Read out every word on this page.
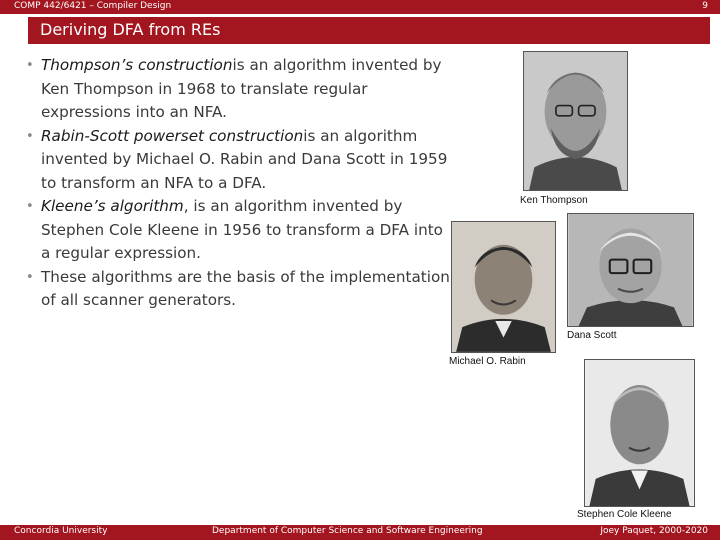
COMP 442/6421 – Compiler Design	9
Deriving DFA from REs
• Thompson’s constructionis an algorithm invented by Ken Thompson in 1968 to translate regular expressions into an NFA.
• Rabin-Scott powerset constructionis an algorithm invented by Michael O. Rabin and Dana Scott in 1959 to transform an NFA to a DFA.
• Kleene’s algorithm, is an algorithm invented by Stephen Cole Kleene in 1956 to transform a DFA into a regular expression.
• These algorithms are the basis of the implementation of all scanner generators.
Ken Thompson
Michael O. Rabin
Dana Scott
Stephen Cole Kleene
Concordia University	Department of Computer Science and Software Engineering	Joey Paquet, 2000-2020
